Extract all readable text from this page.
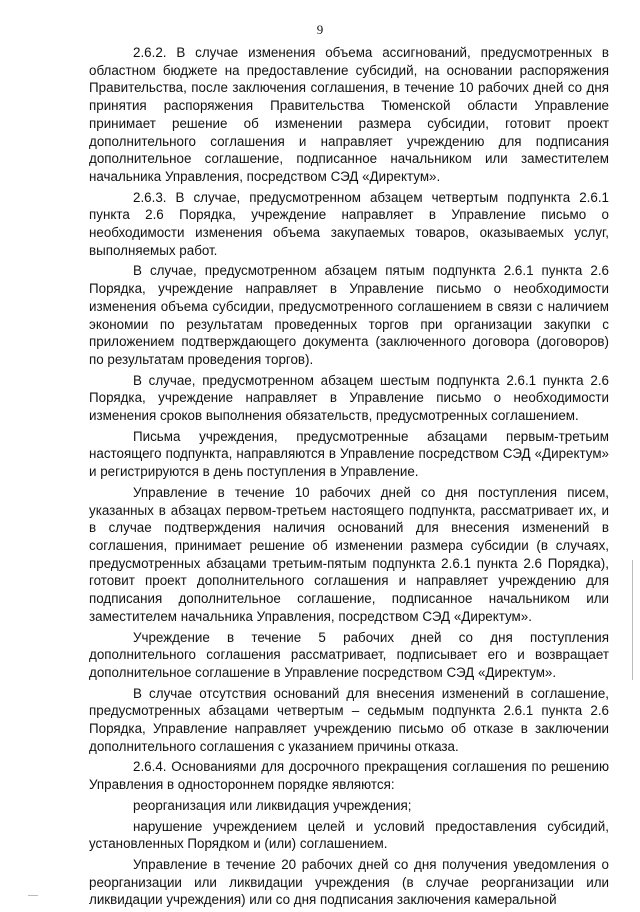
9

2.6.2. В случае изменения объема ассигнований, предусмотренных в областном бюджете на предоставление субсидий, на основании распоряжения Правительства, после заключения соглашения, в течение 10 рабочих дней со дня принятия распоряжения Правительства Тюменской области Управление принимает решение об изменении размера субсидии, готовит проект дополнительного соглашения и направляет учреждению для подписания дополнительное соглашение, подписанное начальником или заместителем начальника Управления, посредством СЭД «Директум».

2.6.3. В случае, предусмотренном абзацем четвертым подпункта 2.6.1 пункта 2.6 Порядка, учреждение направляет в Управление письмо о необходимости изменения объема закупаемых товаров, оказываемых услуг, выполняемых работ.

В случае, предусмотренном абзацем пятым подпункта 2.6.1 пункта 2.6 Порядка, учреждение направляет в Управление письмо о необходимости изменения объема субсидии, предусмотренного соглашением в связи с наличием экономии по результатам проведенных торгов при организации закупки с приложением подтверждающего документа (заключенного договора (договоров) по результатам проведения торгов).

В случае, предусмотренном абзацем шестым подпункта 2.6.1 пункта 2.6 Порядка, учреждение направляет в Управление письмо о необходимости изменения сроков выполнения обязательств, предусмотренных соглашением.

Письма учреждения, предусмотренные абзацами первым-третьим настоящего подпункта, направляются в Управление посредством СЭД «Директум» и регистрируются в день поступления в Управление.

Управление в течение 10 рабочих дней со дня поступления писем, указанных в абзацах первом-третьем настоящего подпункта, рассматривает их, и в случае подтверждения наличия оснований для внесения изменений в соглашения, принимает решение об изменении размера субсидии (в случаях, предусмотренных абзацами третьим-пятым подпункта 2.6.1 пункта 2.6 Порядка), готовит проект дополнительного соглашения и направляет учреждению для подписания дополнительное соглашение, подписанное начальником или заместителем начальника Управления, посредством СЭД «Директум».

Учреждение в течение 5 рабочих дней со дня поступления дополнительного соглашения рассматривает, подписывает его и возвращает дополнительное соглашение в Управление посредством СЭД «Директум».

В случае отсутствия оснований для внесения изменений в соглашение, предусмотренных абзацами четвертым – седьмым подпункта 2.6.1 пункта 2.6 Порядка, Управление направляет учреждению письмо об отказе в заключении дополнительного соглашения с указанием причины отказа.

2.6.4. Основаниями для досрочного прекращения соглашения по решению Управления в одностороннем порядке являются:

реорганизация или ликвидация учреждения;

нарушение учреждением целей и условий предоставления субсидий, установленных Порядком и (или) соглашением.

Управление в течение 20 рабочих дней со дня получения уведомления о реорганизации или ликвидации учреждения (в случае реорганизации или ликвидации учреждения) или со дня подписания заключения камеральной
